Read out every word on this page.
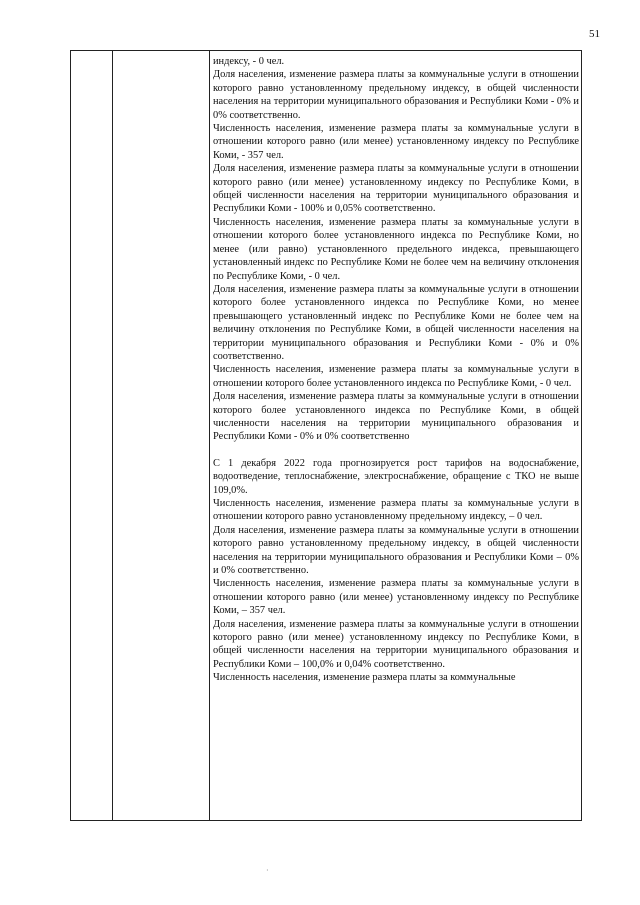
51

индексу, - 0 чел.

Доля населения, изменение размера платы за коммунальные услуги в отношении которого равно установленному предельному индексу, в общей численности населения на территории муниципального образования и Республики Коми - 0% и 0% соответственно.

Численность населения, изменение размера платы за коммунальные услуги в отношении которого равно (или менее) установленному индексу по Республике Коми, - 357 чел.

Доля населения, изменение размера платы за коммунальные услуги в отношении которого равно (или менее) установленному индексу по Республике Коми, в общей численности населения на территории муниципального образования и Республики Коми - 100% и 0,05% соответственно.

Численность населения, изменение размера платы за коммунальные услуги в отношении которого более установленного индекса по Республике Коми, но менее (или равно) установленного предельного индекса, превышающего установленный индекс по Республике Коми не более чем на величину отклонения по Республике Коми, - 0 чел.

Доля населения, изменение размера платы за коммунальные услуги в отношении которого более установленного индекса по Республике Коми, но менее превышающего установленный индекс по Республике Коми не более чем на величину отклонения по Республике Коми, в общей численности населения на территории муниципального образования и Республики Коми - 0% и 0% соответственно.

Численность населения, изменение размера платы за коммунальные услуги в отношении которого более установленного индекса по Республике Коми, - 0 чел.

Доля населения, изменение размера платы за коммунальные услуги в отношении которого более установленного индекса по Республике Коми, в общей численности населения на территории муниципального образования и Республики Коми - 0% и 0% соответственно

С 1 декабря 2022 года прогнозируется рост тарифов на водоснабжение, водоотведение, теплоснабжение, электроснабжение, обращение с ТКО не выше 109,0%.

Численность населения, изменение размера платы за коммунальные услуги в отношении которого равно установленному предельному индексу, – 0 чел.

Доля населения, изменение размера платы за коммунальные услуги в отношении которого равно установленному предельному индексу, в общей численности населения на территории муниципального образования и Республики Коми – 0% и 0% соответственно.

Численность населения, изменение размера платы за коммунальные услуги в отношении которого равно (или менее) установленному индексу по Республике Коми, – 357 чел.

Доля населения, изменение размера платы за коммунальные услуги в отношении которого равно (или менее) установленному индексу по Республике Коми, в общей численности населения на территории муниципального образования и Республики Коми – 100,0% и 0,04% соответственно.

Численность населения, изменение размера платы за коммунальные

·
